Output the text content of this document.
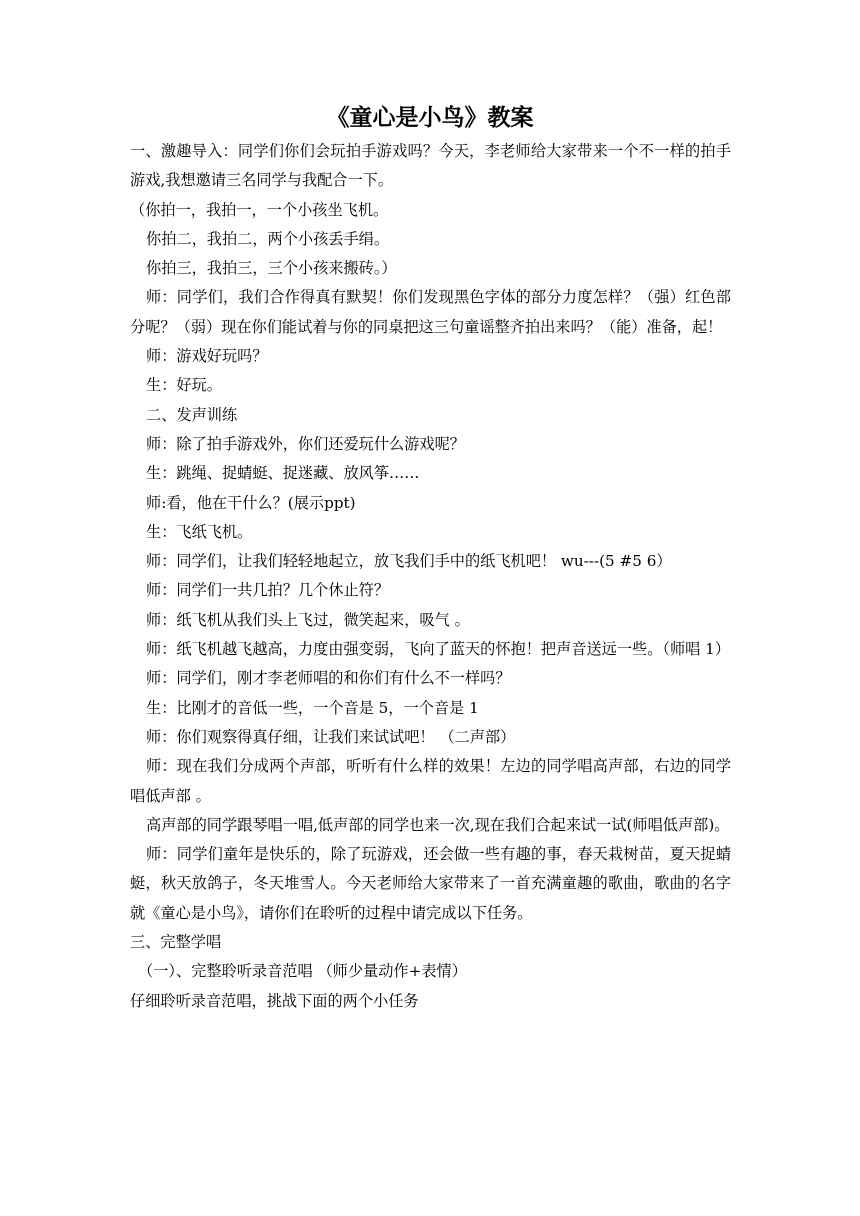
《童心是小鸟》教案

一、激趣导入：同学们你们会玩拍手游戏吗？今天，李老师给大家带来一个不一样的拍手游戏,我想邀请三名同学与我配合一下。

（你拍一，我拍一，一个小孩坐飞机。

你拍二，我拍二，两个小孩丢手绢。

你拍三，我拍三，三个小孩来搬砖。）

师：同学们，我们合作得真有默契！你们发现黑色字体的部分力度怎样？（强）红色部分呢？（弱）现在你们能试着与你的同桌把这三句童谣整齐拍出来吗？（能）准备，起！

师：游戏好玩吗？

生：好玩。

二、发声训练

师：除了拍手游戏外，你们还爱玩什么游戏呢？

生：跳绳、捉蜻蜓、捉迷藏、放风筝……

师:看，他在干什么？(展示ppt)

生：飞纸飞机。

师：同学们，让我们轻轻地起立，放飞我们手中的纸飞机吧！ wu---(5 #5 6）

师：同学们一共几拍？几个休止符？

师：纸飞机从我们头上飞过，微笑起来，吸气 。

师：纸飞机越飞越高，力度由强变弱，飞向了蓝天的怀抱！把声音送远一些。（师唱 1）

师：同学们，刚才李老师唱的和你们有什么不一样吗？

生：比刚才的音低一些，一个音是 5，一个音是 1

师：你们观察得真仔细，让我们来试试吧！ （二声部）

师：现在我们分成两个声部，听听有什么样的效果！左边的同学唱高声部，右边的同学唱低声部 。

高声部的同学跟琴唱一唱,低声部的同学也来一次,现在我们合起来试一试(师唱低声部)。

师：同学们童年是快乐的，除了玩游戏，还会做一些有趣的事，春天栽树苗，夏天捉蜻蜓，秋天放鸽子，冬天堆雪人。今天老师给大家带来了一首充满童趣的歌曲，歌曲的名字就《童心是小鸟》，请你们在聆听的过程中请完成以下任务。

三、完整学唱

（一）、完整聆听录音范唱 （师少量动作+表情）

仔细聆听录音范唱，挑战下面的两个小任务
